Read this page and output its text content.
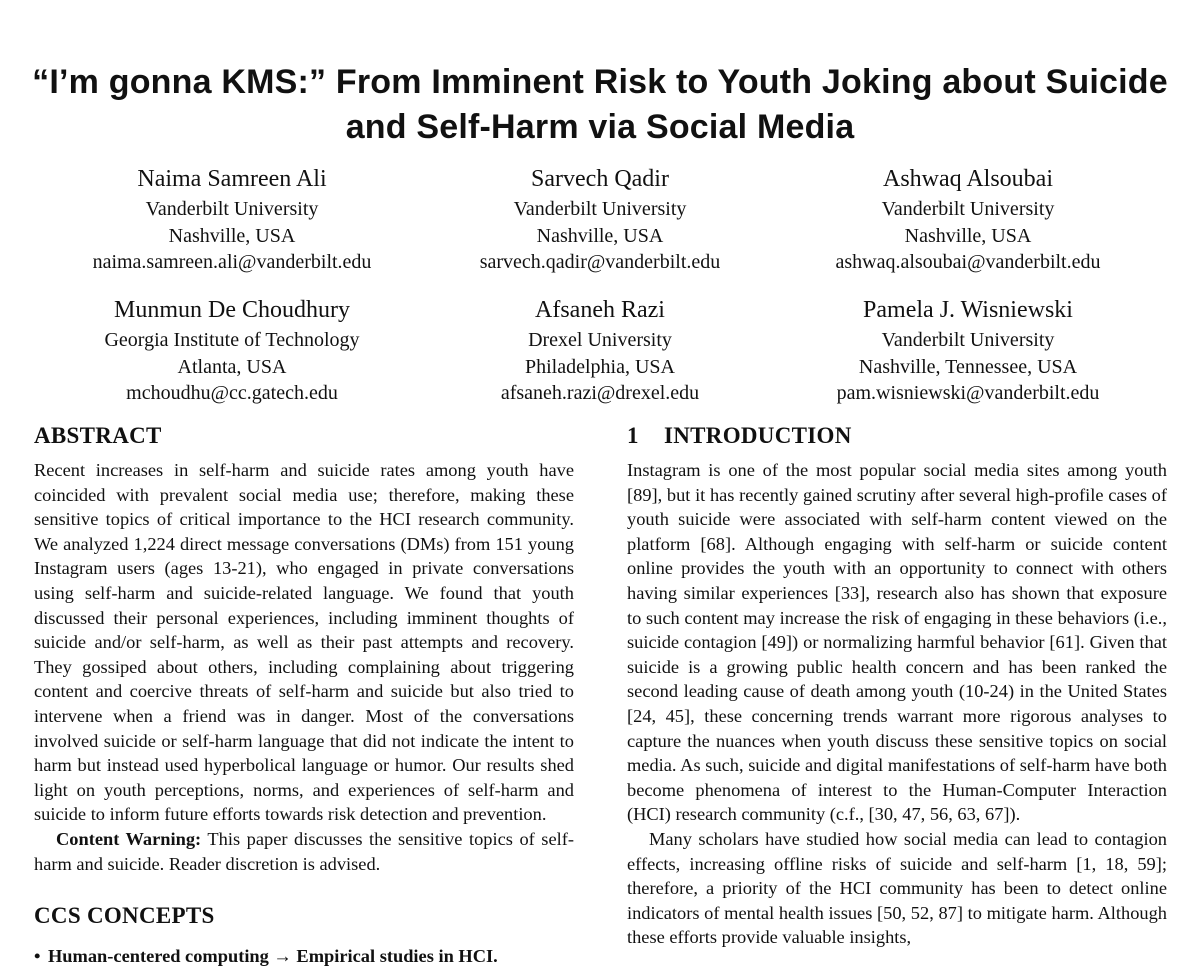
“I’m gonna KMS:” From Imminent Risk to Youth Joking about Suicide and Self-Harm via Social Media
Naima Samreen Ali
Vanderbilt University
Nashville, USA
naima.samreen.ali@vanderbilt.edu
Sarvech Qadir
Vanderbilt University
Nashville, USA
sarvech.qadir@vanderbilt.edu
Ashwaq Alsoubai
Vanderbilt University
Nashville, USA
ashwaq.alsoubai@vanderbilt.edu
Munmun De Choudhury
Georgia Institute of Technology
Atlanta, USA
mchoudhu@cc.gatech.edu
Afsaneh Razi
Drexel University
Philadelphia, USA
afsaneh.razi@drexel.edu
Pamela J. Wisniewski
Vanderbilt University
Nashville, Tennessee, USA
pam.wisniewski@vanderbilt.edu
ABSTRACT

Recent increases in self-harm and suicide rates among youth have coincided with prevalent social media use; therefore, making these sensitive topics of critical importance to the HCI research community. We analyzed 1,224 direct message conversations (DMs) from 151 young Instagram users (ages 13-21), who engaged in private conversations using self-harm and suicide-related language. We found that youth discussed their personal experiences, including imminent thoughts of suicide and/or self-harm, as well as their past attempts and recovery. They gossiped about others, including complaining about triggering content and coercive threats of self-harm and suicide but also tried to intervene when a friend was in danger. Most of the conversations involved suicide or self-harm language that did not indicate the intent to harm but instead used hyperbolical language or humor. Our results shed light on youth perceptions, norms, and experiences of self-harm and suicide to inform future efforts towards risk detection and prevention.

Content Warning: This paper discusses the sensitive topics of self-harm and suicide. Reader discretion is advised.

CCS CONCEPTS
• Human-centered computing → Empirical studies in HCI.
1 INTRODUCTION

Instagram is one of the most popular social media sites among youth [89], but it has recently gained scrutiny after several high-profile cases of youth suicide were associated with self-harm content viewed on the platform [68]. Although engaging with self-harm or suicide content online provides the youth with an opportunity to connect with others having similar experiences [33], research also has shown that exposure to such content may increase the risk of engaging in these behaviors (i.e., suicide contagion [49]) or normalizing harmful behavior [61]. Given that suicide is a growing public health concern and has been ranked the second leading cause of death among youth (10-24) in the United States [24, 45], these concerning trends warrant more rigorous analyses to capture the nuances when youth discuss these sensitive topics on social media. As such, suicide and digital manifestations of self-harm have both become phenomena of interest to the Human-Computer Interaction (HCI) research community (c.f., [30, 47, 56, 63, 67]).

Many scholars have studied how social media can lead to contagion effects, increasing offline risks of suicide and self-harm [1, 18, 59]; therefore, a priority of the HCI community has been to detect online indicators of mental health issues [50, 52, 87] to mitigate harm. Although these efforts provide valuable insights,
